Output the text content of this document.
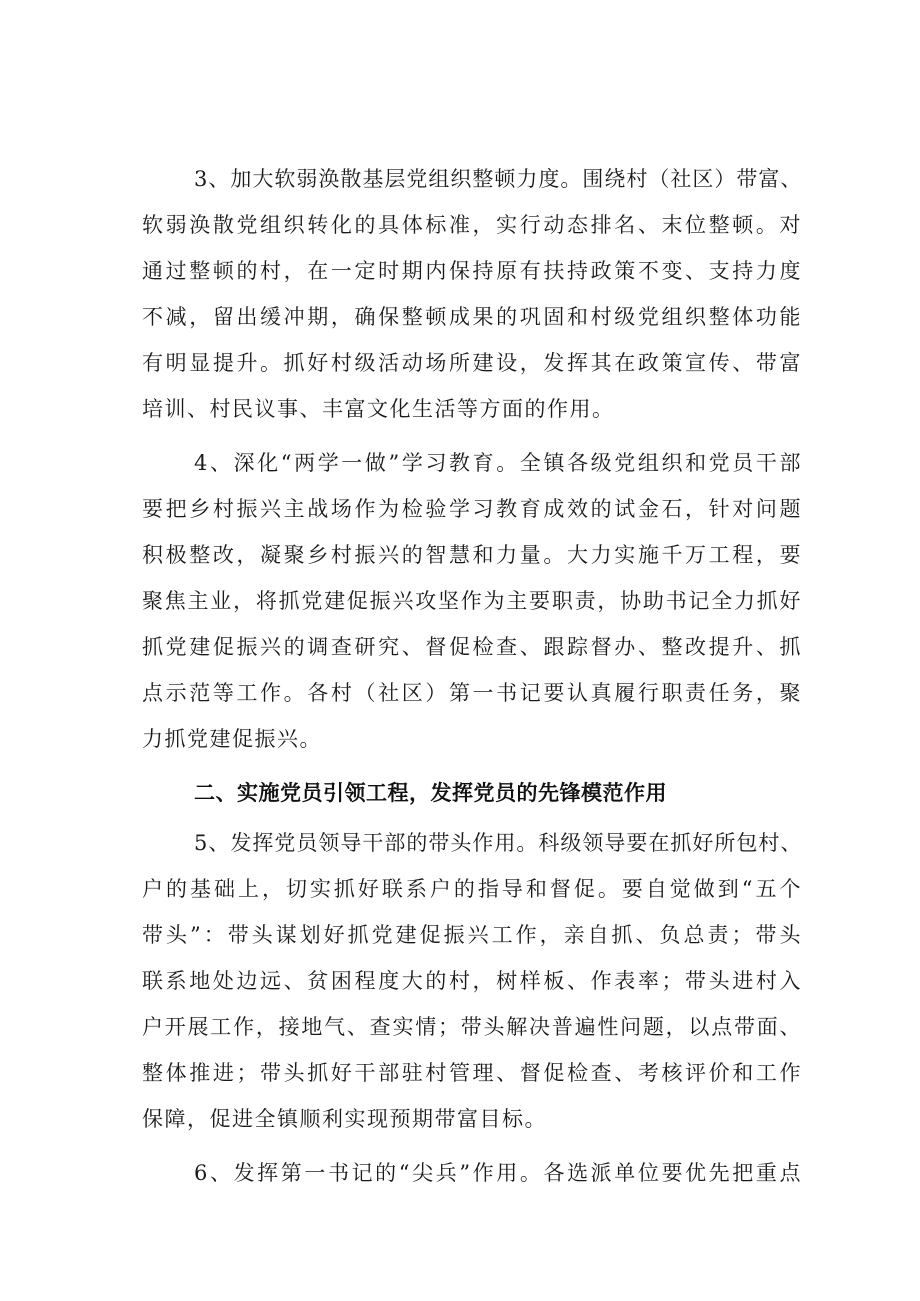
3、加大软弱涣散基层党组织整顿力度。围绕村（社区）带富、
软弱涣散党组织转化的具体标准，实行动态排名、末位整顿。对
通过整顿的村，在一定时期内保持原有扶持政策不变、支持力度
不减，留出缓冲期，确保整顿成果的巩固和村级党组织整体功能
有明显提升。抓好村级活动场所建设，发挥其在政策宣传、带富
培训、村民议事、丰富文化生活等方面的作用。
4、深化“两学一做”学习教育。全镇各级党组织和党员干部
要把乡村振兴主战场作为检验学习教育成效的试金石，针对问题
积极整改，凝聚乡村振兴的智慧和力量。大力实施千万工程，要
聚焦主业，将抓党建促振兴攻坚作为主要职责，协助书记全力抓好
抓党建促振兴的调查研究、督促检查、跟踪督办、整改提升、抓
点示范等工作。各村（社区）第一书记要认真履行职责任务，聚
力抓党建促振兴。
二、实施党员引领工程，发挥党员的先锋模范作用
5、发挥党员领导干部的带头作用。科级领导要在抓好所包村、
户的基础上，切实抓好联系户的指导和督促。要自觉做到“五个
带头”：带头谋划好抓党建促振兴工作，亲自抓、负总责；带头
联系地处边远、贫困程度大的村，树样板、作表率；带头进村入
户开展工作，接地气、查实情；带头解决普遍性问题，以点带面、
整体推进；带头抓好干部驻村管理、督促检查、考核评价和工作
保障，促进全镇顺利实现预期带富目标。
6、发挥第一书记的“尖兵”作用。各选派单位要优先把重点
